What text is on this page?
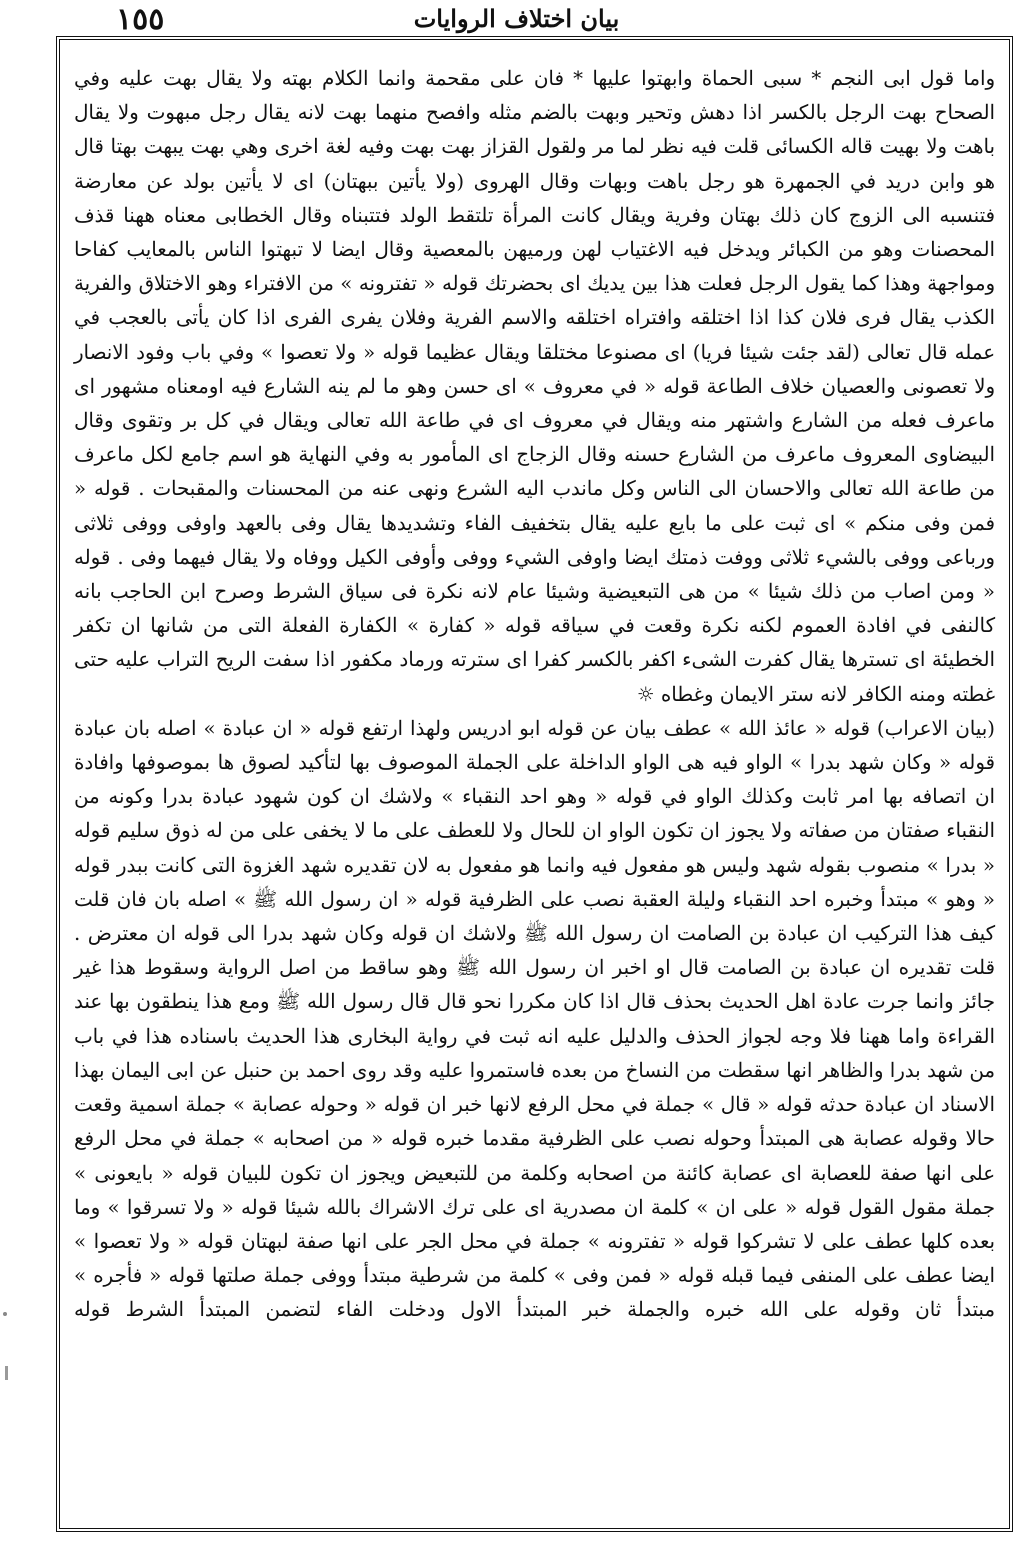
١٥٥	بيان اختلاف الروايات

واما قول ابى النجم * سبى الحماة وابهتوا عليها * فان على مقحمة وانما الكلام بهته ولا يقال بهت عليه وفي الصحاح بهت الرجل بالكسر اذا دهش وتحير وبهت بالضم مثله وافصح منهما بهت لانه يقال رجل مبهوت ولا يقال باهت ولا بهيت قاله الكسائى قلت فيه نظر لما مر ولقول القزاز بهت بهت وفيه لغة اخرى وهي بهت يبهت بهتا قال هو وابن دريد في الجمهرة هو رجل باهت وبهات وقال الهروى (ولا يأتين ببهتان) اى لا يأتين بولد عن معارضة فتنسبه الى الزوج كان ذلك بهتان وفرية ويقال كانت المرأة تلتقط الولد فتتبناه وقال الخطابى معناه ههنا قذف المحصنات وهو من الكبائر ويدخل فيه الاغتياب لهن ورميهن بالمعصية وقال ايضا لا تبهتوا الناس بالمعايب كفاحا ومواجهة وهذا كما يقول الرجل فعلت هذا بين يديك اى بحضرتك قوله « تفترونه » من الافتراء وهو الاختلاق والفرية الكذب يقال فرى فلان كذا اذا اختلقه وافتراه اختلقه والاسم الفرية وفلان يفرى الفرى اذا كان يأتى بالعجب في عمله قال تعالى (لقد جئت شيئا فريا) اى مصنوعا مختلقا ويقال عظيما قوله « ولا تعصوا » وفي باب وفود الانصار ولا تعصونى والعصيان خلاف الطاعة قوله « في معروف » اى حسن وهو ما لم ينه الشارع فيه اومعناه مشهور اى ماعرف فعله من الشارع واشتهر منه ويقال في معروف اى في طاعة الله تعالى ويقال في كل بر وتقوى وقال البيضاوى المعروف ماعرف من الشارع حسنه وقال الزجاج اى المأمور به وفي النهاية هو اسم جامع لكل ماعرف من طاعة الله تعالى والاحسان الى الناس وكل ماندب اليه الشرع ونهى عنه من المحسنات والمقبحات . قوله « فمن وفى منكم » اى ثبت على ما بايع عليه يقال بتخفيف الفاء وتشديدها يقال وفى بالعهد واوفى ووفى ثلاثى ورباعى ووفى بالشيء ثلاثى ووفت ذمتك ايضا واوفى الشيء ووفى وأوفى الكيل ووفاه ولا يقال فيهما وفى . قوله « ومن اصاب من ذلك شيئا » من هى التبعيضية وشيئا عام لانه نكرة فى سياق الشرط وصرح ابن الحاجب بانه كالنفى في افادة العموم لكنه نكرة وقعت في سياقه قوله « كفارة » الكفارة الفعلة التى من شانها ان تكفر الخطيئة اى تسترها يقال كفرت الشىء اكفر بالكسر كفرا اى سترته ورماد مكفور اذا سفت الريح التراب عليه حتى غطته ومنه الكافر لانه ستر الايمان وغطاه ☼

(بيان الاعراب) قوله « عائذ الله » عطف بيان عن قوله ابو ادريس ولهذا ارتفع قوله « ان عبادة » اصله بان عبادة قوله « وكان شهد بدرا » الواو فيه هى الواو الداخلة على الجملة الموصوف بها لتأكيد لصوق ها بموصوفها وافادة ان اتصافه بها امر ثابت وكذلك الواو في قوله « وهو احد النقباء » ولاشك ان كون شهود عبادة بدرا وكونه من النقباء صفتان من صفاته ولا يجوز ان تكون الواو ان للحال ولا للعطف على ما لا يخفى على من له ذوق سليم قوله « بدرا » منصوب بقوله شهد وليس هو مفعول فيه وانما هو مفعول به لان تقديره شهد الغزوة التى كانت ببدر قوله « وهو » مبتدأ وخبره احد النقباء وليلة العقبة نصب على الظرفية قوله « ان رسول الله ﷺ » اصله بان فان قلت كيف هذا التركيب ان عبادة بن الصامت ان رسول الله ﷺ ولاشك ان قوله وكان شهد بدرا الى قوله ان معترض . قلت تقديره ان عبادة بن الصامت قال او اخبر ان رسول الله ﷺ وهو ساقط من اصل الرواية وسقوط هذا غير جائز وانما جرت عادة اهل الحديث بحذف قال اذا كان مكررا نحو قال قال رسول الله ﷺ ومع هذا ينطقون بها عند القراءة واما ههنا فلا وجه لجواز الحذف والدليل عليه انه ثبت في رواية البخارى هذا الحديث باسناده هذا في باب من شهد بدرا والظاهر انها سقطت من النساخ من بعده فاستمروا عليه وقد روى احمد بن حنبل عن ابى اليمان بهذا الاسناد ان عبادة حدثه قوله « قال » جملة في محل الرفع لانها خبر ان قوله « وحوله عصابة » جملة اسمية وقعت حالا وقوله عصابة هى المبتدأ وحوله نصب على الظرفية مقدما خبره قوله « من اصحابه » جملة في محل الرفع على انها صفة للعصابة اى عصابة كائنة من اصحابه وكلمة من للتبعيض ويجوز ان تكون للبيان قوله « بايعونى » جملة مقول القول قوله « على ان » كلمة ان مصدرية اى على ترك الاشراك بالله شيئا قوله « ولا تسرقوا » وما بعده كلها عطف على لا تشركوا قوله « تفترونه » جملة في محل الجر على انها صفة لبهتان قوله « ولا تعصوا » ايضا عطف على المنفى فيما قبله قوله « فمن وفى » كلمة من شرطية مبتدأ ووفى جملة صلتها قوله « فأجره » مبتدأ ثان وقوله على الله خبره والجملة خبر المبتدأ الاول ودخلت الفاء لتضمن المبتدأ الشرط قوله
